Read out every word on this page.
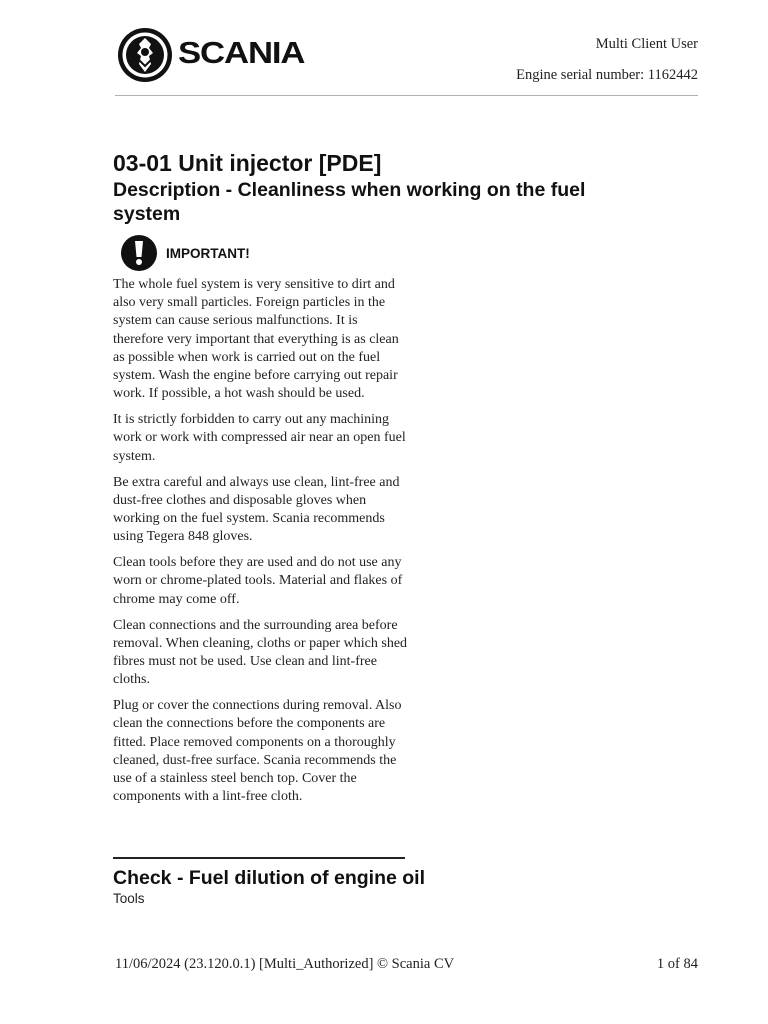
SCANIA	Multi Client User
Engine serial number: 1162442
03-01 Unit injector [PDE]
Description - Cleanliness when working on the fuel system
IMPORTANT!

The whole fuel system is very sensitive to dirt and also very small particles. Foreign particles in the system can cause serious malfunctions. It is therefore very important that everything is as clean as possible when work is carried out on the fuel system. Wash the engine before carrying out repair work. If possible, a hot wash should be used.

It is strictly forbidden to carry out any machining work or work with compressed air near an open fuel system.

Be extra careful and always use clean, lint-free and dust-free clothes and disposable gloves when working on the fuel system. Scania recommends using Tegera 848 gloves.

Clean tools before they are used and do not use any worn or chrome-plated tools. Material and flakes of chrome may come off.

Clean connections and the surrounding area before removal. When cleaning, cloths or paper which shed fibres must not be used. Use clean and lint-free cloths.

Plug or cover the connections during removal. Also clean the connections before the components are fitted. Place removed components on a thoroughly cleaned, dust-free surface. Scania recommends the use of a stainless steel bench top. Cover the components with a lint-free cloth.

Check - Fuel dilution of engine oil
Tools
11/06/2024 (23.120.0.1) [Multi_Authorized] © Scania CV	1 of 84
